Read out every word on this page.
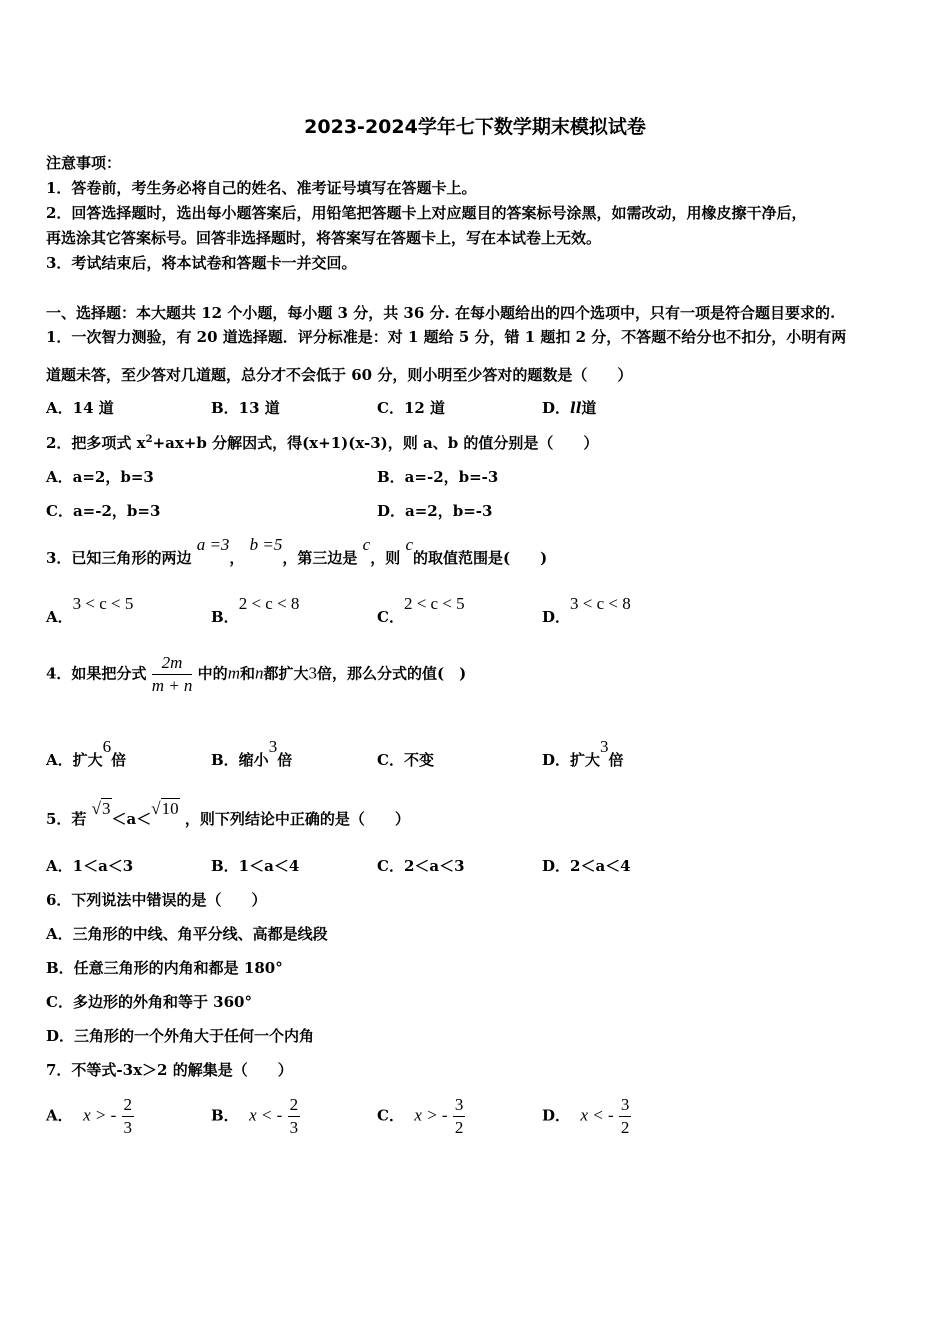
2023-2024学年七下数学期末模拟试卷
注意事项：
1．答卷前，考生务必将自己的姓名、准考证号填写在答题卡上。
2．回答选择题时，选出每小题答案后，用铅笔把答题卡上对应题目的答案标号涂黑，如需改动，用橡皮擦干净后，
再选涂其它答案标号。回答非选择题时，将答案写在答题卡上，写在本试卷上无效。
3．考试结束后，将本试卷和答题卡一并交回。
一、选择题：本大题共 12 个小题，每小题 3 分，共 36 分. 在每小题给出的四个选项中，只有一项是符合题目要求的.
1．一次智力测验，有 20 道选择题．评分标准是：对 1 题给 5 分，错 1 题扣 2 分，不答题不给分也不扣分，小明有两
道题未答，至少答对几道题，总分才不会低于 60 分，则小明至少答对的题数是（　　）
A．14 道	B．13 道	C．12 道	D．ll道
2．把多项式 $x^2+ax+b$ 分解因式，得(x+1)(x-3)，则 a、b 的值分别是（　　）
A．a=2，b=3	B．a=-2，b=-3
C．a=-2，b=3	D．a=2，b=-3
3．已知三角形的两边 a =3， b =5，第三边是 c，则 c的取值范围是(　　)
A．3 < c < 5
B．2 < c < 8
C．2 < c < 5
D．3 < c < 8
4．如果把分式 $\frac{2m}{m + n}$ 中的m和n都扩大3倍，那么分式的值(　)
A．扩大6倍	B．缩小3倍	C．不变	D．扩大3倍
5．若 √3＜a＜√10 ，则下列结论中正确的是（　　）
A．1＜a＜3	B．1＜a＜4	C．2＜a＜3	D．2＜a＜4
6．下列说法中错误的是（　　）
A．三角形的中线、角平分线、高都是线段
B．任意三角形的内角和都是 180°
C．多边形的外角和等于 360°
D．三角形的一个外角大于任何一个内角
7．不等式-3x＞2 的解集是（　　）
A． x > - $\frac{2}{3}$	B． x < - $\frac{2}{3}$	C． x > - $\frac{3}{2}$	D． x < - $\frac{3}{2}$
